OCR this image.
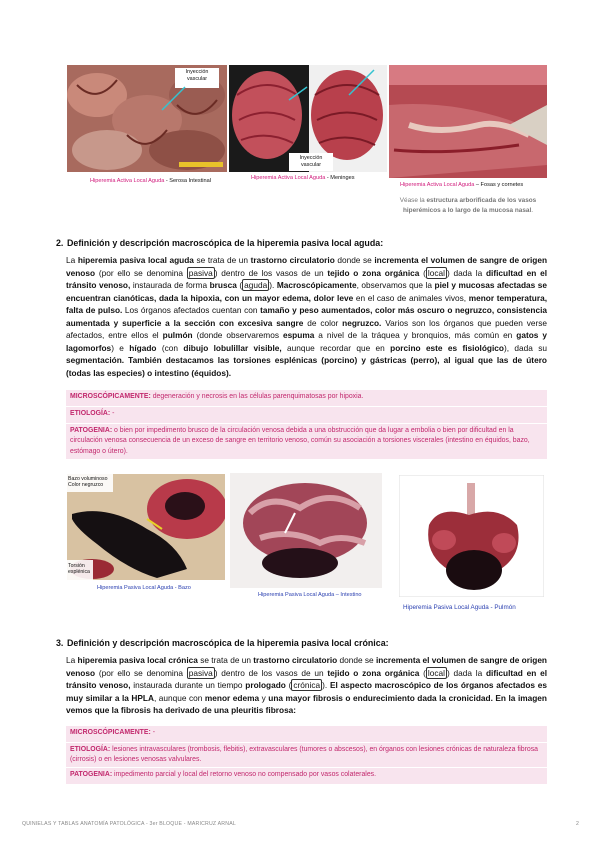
Inyección vascular
Hiperemia Activa Local Aguda - Serosa Intestinal
Inyección vascular
Hiperemia Activa Local Aguda - Meninges
Hiperemia Activa Local Aguda – Fosas y cornetes
Véase la estructura arborificada de los vasos hiperémicos a lo largo de la mucosa nasal.
2. Definición y descripción macroscópica de la hiperemia pasiva local aguda:
La hiperemia pasiva local aguda se trata de un trastorno circulatorio donde se incrementa el volumen de sangre de origen venoso (por ello se denomina pasiva ) dentro de los vasos de un tejido o zona orgánica ( local ) dada la dificultad en el tránsito venoso, instaurada de forma brusca ( aguda ). Macroscópicamente, observamos que la piel y mucosas afectadas se encuentran cianóticas, dada la hipoxia, con un mayor edema, dolor leve en el caso de animales vivos, menor temperatura, falta de pulso. Los órganos afectados cuentan con tamaño y peso aumentados, color más oscuro o negruzco, consistencia aumentada y superficie a la sección con excesiva sangre de color negruzco. Varios son los órganos que pueden verse afectados, entre ellos el pulmón (donde observaremos espuma a nivel de la tráquea y bronquios, más común en gatos y lagomorfos) e hígado (con dibujo lobulillar visible, aunque recordar que en porcino este es fisiológico), dada su segmentación. También destacamos las torsiones esplénicas (porcino) y gástricas (perro), al igual que las de útero (todas las especies) o intestino (équidos).
MICROSCÓPICAMENTE: degeneración y necrosis en las células parenquimatosas por hipoxia.
ETIOLOGÍA: -
PATOGENIA: o bien por impedimento brusco de la circulación venosa debida a una obstrucción que da lugar a embolia o bien por dificultad en la circulación venosa consecuencia de un exceso de sangre en territorio venoso, común su asociación a torsiones viscerales (intestino en équidos, bazo, estómago o útero).
Bazo voluminoso Color negruzco
Torsión esplénica
Hiperemia Pasiva Local Aguda - Bazo
Hiperemia Pasiva Local Aguda – Intestino
Hiperemia Pasiva Local Aguda - Pulmón
3. Definición y descripción macroscópica de la hiperemia pasiva local crónica:
La hiperemia pasiva local crónica se trata de un trastorno circulatorio donde se incrementa el volumen de sangre de origen venoso (por ello se denomina pasiva ) dentro de los vasos de un tejido o zona orgánica ( local ) dada la dificultad en el tránsito venoso, instaurada durante un tiempo prologado ( crónica ). El aspecto macroscópico de los órganos afectados es muy similar a la HPLA, aunque con menor edema y una mayor fibrosis o endurecimiento dada la cronicidad. En la imagen vemos que la fibrosis ha derivado de una pleuritis fibrosa:
MICROSCÓPICAMENTE: -
ETIOLOGÍA: lesiones intravasculares (trombosis, flebitis), extravasculares (tumores o abscesos), en órganos con lesiones crónicas de naturaleza fibrosa (cirrosis) o en lesiones venosas valvulares.
PATOGENIA: impedimento parcial y local del retorno venoso no compensado por vasos colaterales.
QUINIELAS Y TABLAS ANATOMÍA PATOLÓGICA - 3er BLOQUE - MARICRUZ ARNAL	2
